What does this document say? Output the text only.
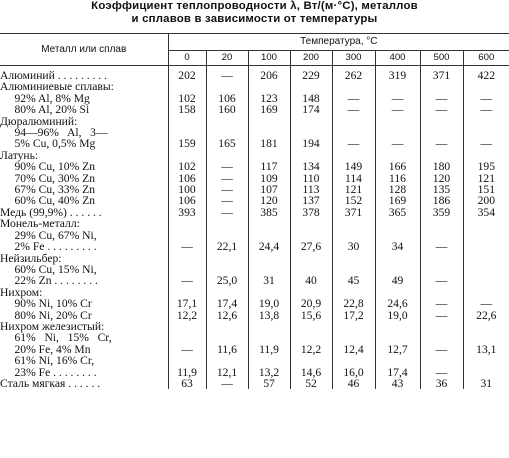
Коэффициент теплопроводности λ, Вт/(м·°С), металлов
и сплавов в зависимости от температуры
Металл или сплав	Температура, °С							
	0	20	100	200	300	400	500	600

Алюминий . . . . . . . . .	202	—	206	229	262	319	371	422
Алюминиевые сплавы:								
92% Al, 8% Mg	102	106	123	148	—	—	—	—
80% Al, 20% Si	158	160	169	174	—	—	—	—
Дюралюминий:								
94—96%   Al,   3—								
5% Cu, 0,5% Mg	159	165	181	194	—	—	—	—
Латунь:								
90% Cu, 10% Zn	102	—	117	134	149	166	180	195
70% Cu, 30% Zn	106	—	109	110	114	116	120	121
67% Cu, 33% Zn	100	—	107	113	121	128	135	151
60% Cu, 40% Zn	106	—	120	137	152	169	186	200
Медь (99,9%) . . . . . .	393	—	385	378	371	365	359	354
Монель-металл:								
29% Cu, 67% Ni,								
2% Fe . . . . . . . . .	—	22,1	24,4	27,6	30	34	—	
Нейзильбер:								
60% Cu, 15% Ni,								
22% Zn . . . . . . . .	—	25,0	31	40	45	49	—	
Нихром:								
90% Ni, 10% Cr	17,1	17,4	19,0	20,9	22,8	24,6	—	—
80% Ni, 20% Cr	12,2	12,6	13,8	15,6	17,2	19,0	—	22,6
Нихром железистый:								
61%   Ni,   15%   Cr,								
20% Fe, 4% Mn	—	11,6	11,9	12,2	12,4	12,7	—	13,1
61% Ni, 16% Cr,								
23% Fe . . . . . . . .	11,9	12,1	13,2	14,6	16,0	17,4	—	
Сталь мягкая . . . . . .	63	—	57	52	46	43	36	31
